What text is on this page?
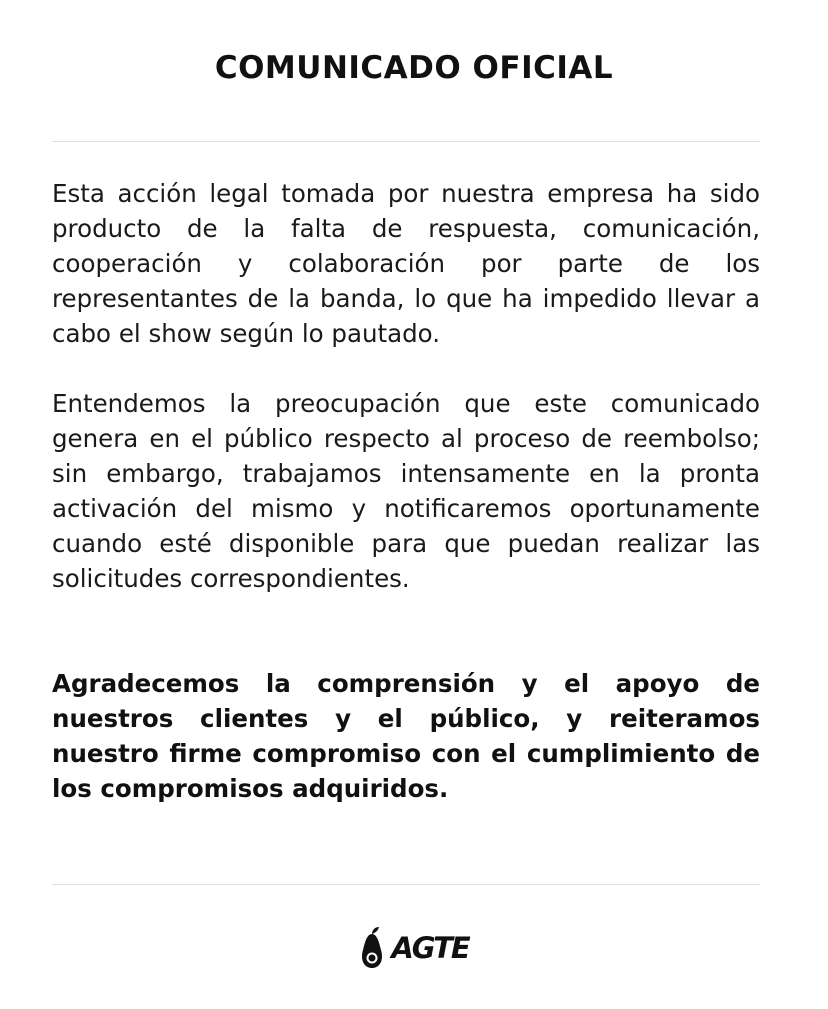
COMUNICADO OFICIAL

Esta acción legal tomada por nuestra empresa ha sido producto de la falta de respuesta, comunicación, cooperación y colaboración por parte de los representantes de la banda, lo que ha impedido llevar a cabo el show según lo pautado.

Entendemos la preocupación que este comunicado genera en el público respecto al proceso de reembolso; sin embargo, trabajamos intensamente en la pronta activación del mismo y notificaremos oportunamente cuando esté disponible para que puedan realizar las solicitudes correspondientes.

Agradecemos la comprensión y el apoyo de nuestros clientes y el público, y reiteramos nuestro firme compromiso con el cumplimiento de los compromisos adquiridos.

AGTE
